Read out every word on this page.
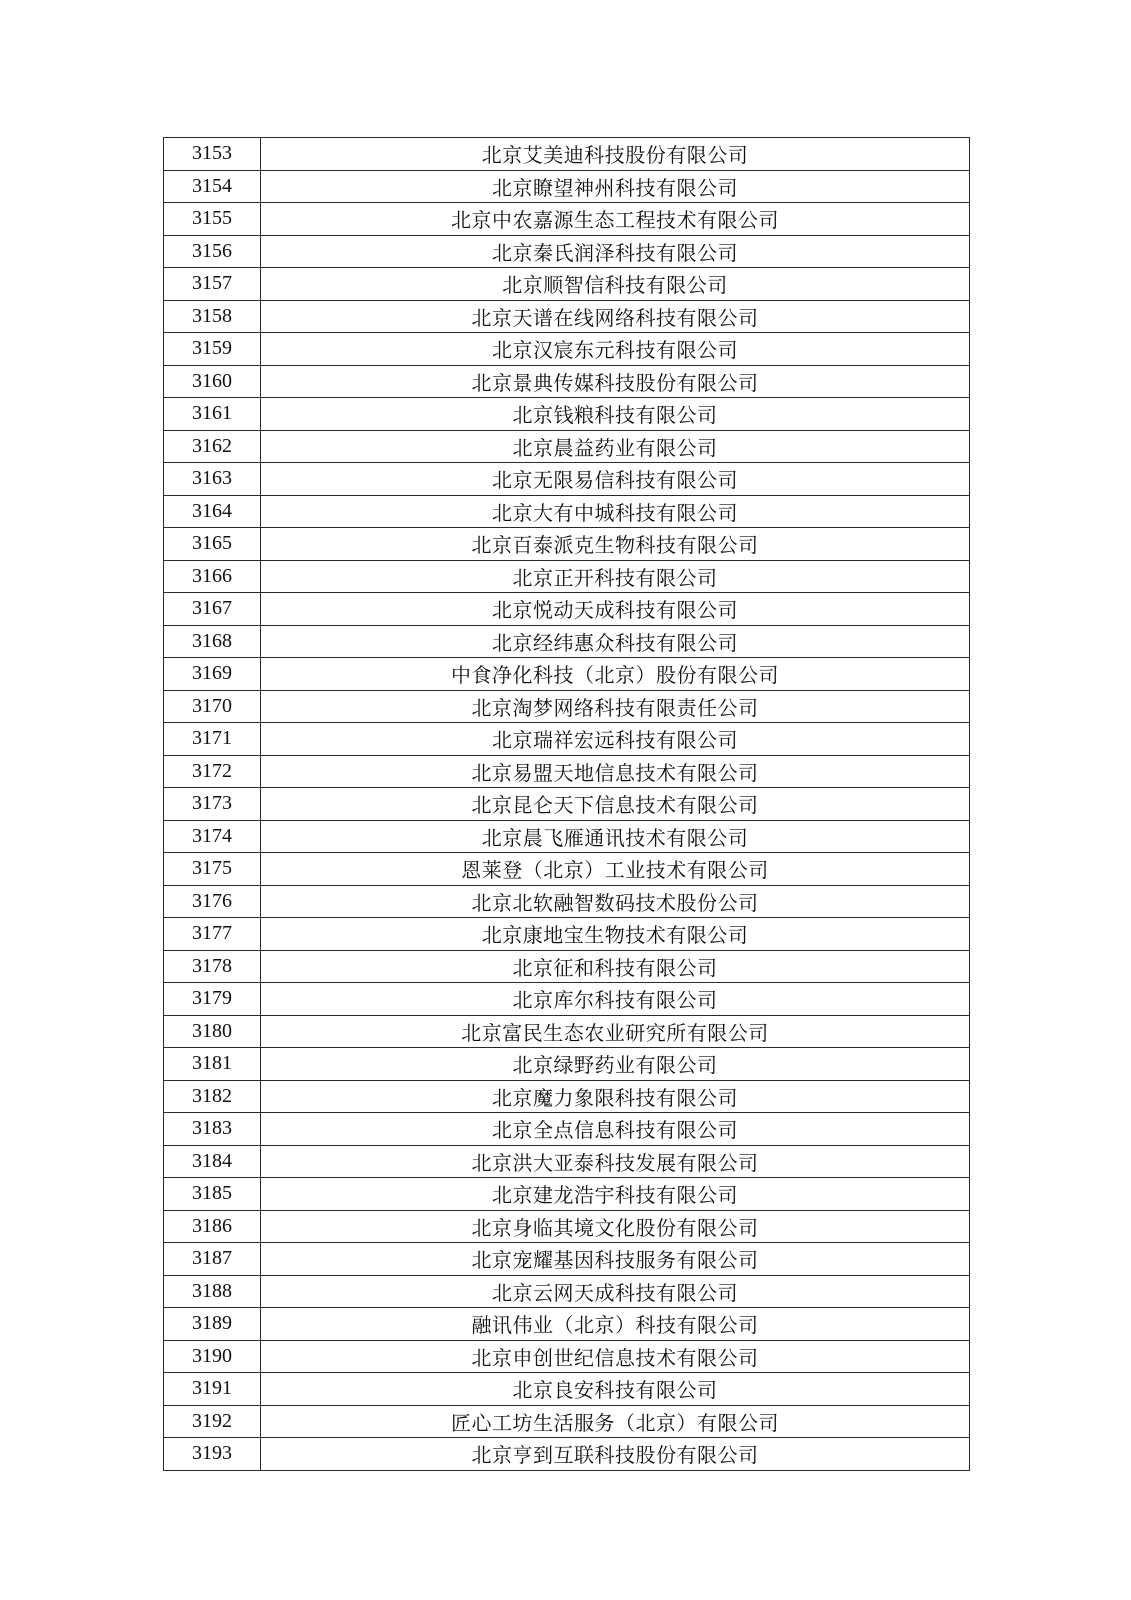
3153	北京艾美迪科技股份有限公司
3154	北京瞭望神州科技有限公司
3155	北京中农嘉源生态工程技术有限公司
3156	北京秦氏润泽科技有限公司
3157	北京顺智信科技有限公司
3158	北京天谱在线网络科技有限公司
3159	北京汉宸东元科技有限公司
3160	北京景典传媒科技股份有限公司
3161	北京钱粮科技有限公司
3162	北京晨益药业有限公司
3163	北京无限易信科技有限公司
3164	北京大有中城科技有限公司
3165	北京百泰派克生物科技有限公司
3166	北京正开科技有限公司
3167	北京悦动天成科技有限公司
3168	北京经纬惠众科技有限公司
3169	中食净化科技（北京）股份有限公司
3170	北京淘梦网络科技有限责任公司
3171	北京瑞祥宏远科技有限公司
3172	北京易盟天地信息技术有限公司
3173	北京昆仑天下信息技术有限公司
3174	北京晨飞雁通讯技术有限公司
3175	恩莱登（北京）工业技术有限公司
3176	北京北软融智数码技术股份公司
3177	北京康地宝生物技术有限公司
3178	北京征和科技有限公司
3179	北京库尔科技有限公司
3180	北京富民生态农业研究所有限公司
3181	北京绿野药业有限公司
3182	北京魔力象限科技有限公司
3183	北京全点信息科技有限公司
3184	北京洪大亚泰科技发展有限公司
3185	北京建龙浩宇科技有限公司
3186	北京身临其境文化股份有限公司
3187	北京宠耀基因科技服务有限公司
3188	北京云网天成科技有限公司
3189	融讯伟业（北京）科技有限公司
3190	北京申创世纪信息技术有限公司
3191	北京良安科技有限公司
3192	匠心工坊生活服务（北京）有限公司
3193	北京亨到互联科技股份有限公司
